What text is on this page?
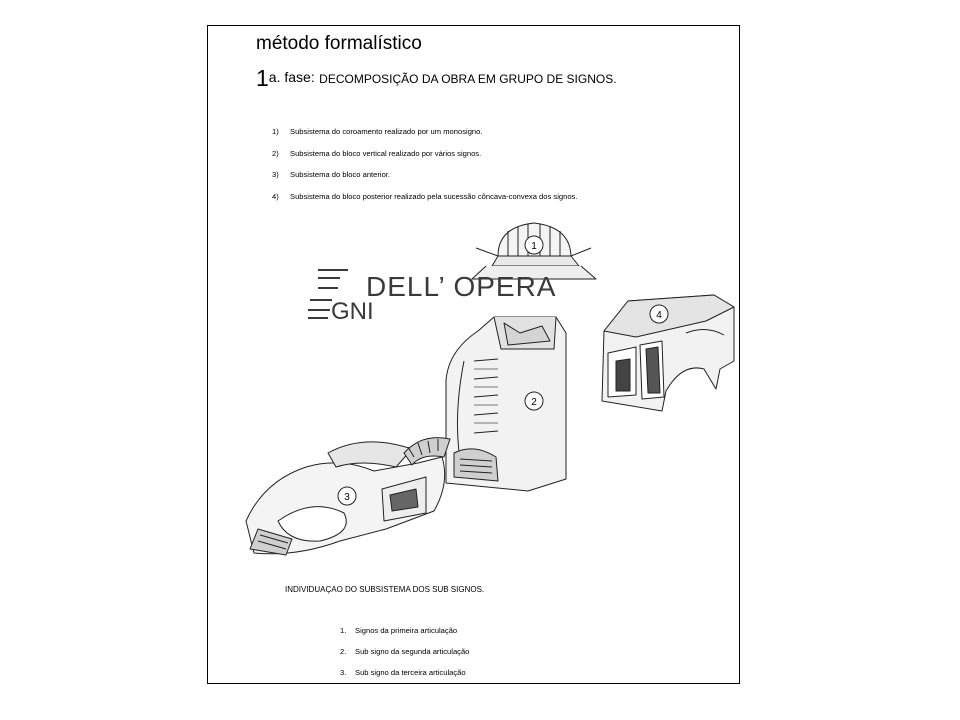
método formalístico
1a. fase: DECOMPOSIÇÃO DA OBRA EM GRUPO DE SIGNOS.
1) Subsistema do coroamento realizado por um monosigno.
2) Subsistema do bloco vertical realizado por vários signos.
3) Subsistema do bloco anterior.
4) Subsistema do bloco posterior realizado pela sucessão côncava-convexa dos signos.
1
2
3
4
DELL’ OPERA
GNI
INDIVIDUAÇAO DO SUBSISTEMA DOS SUB SIGNOS.
1. Signos da primeira articulação
2. Sub signo da segunda articulação
3. Sub signo da terceira articulação
